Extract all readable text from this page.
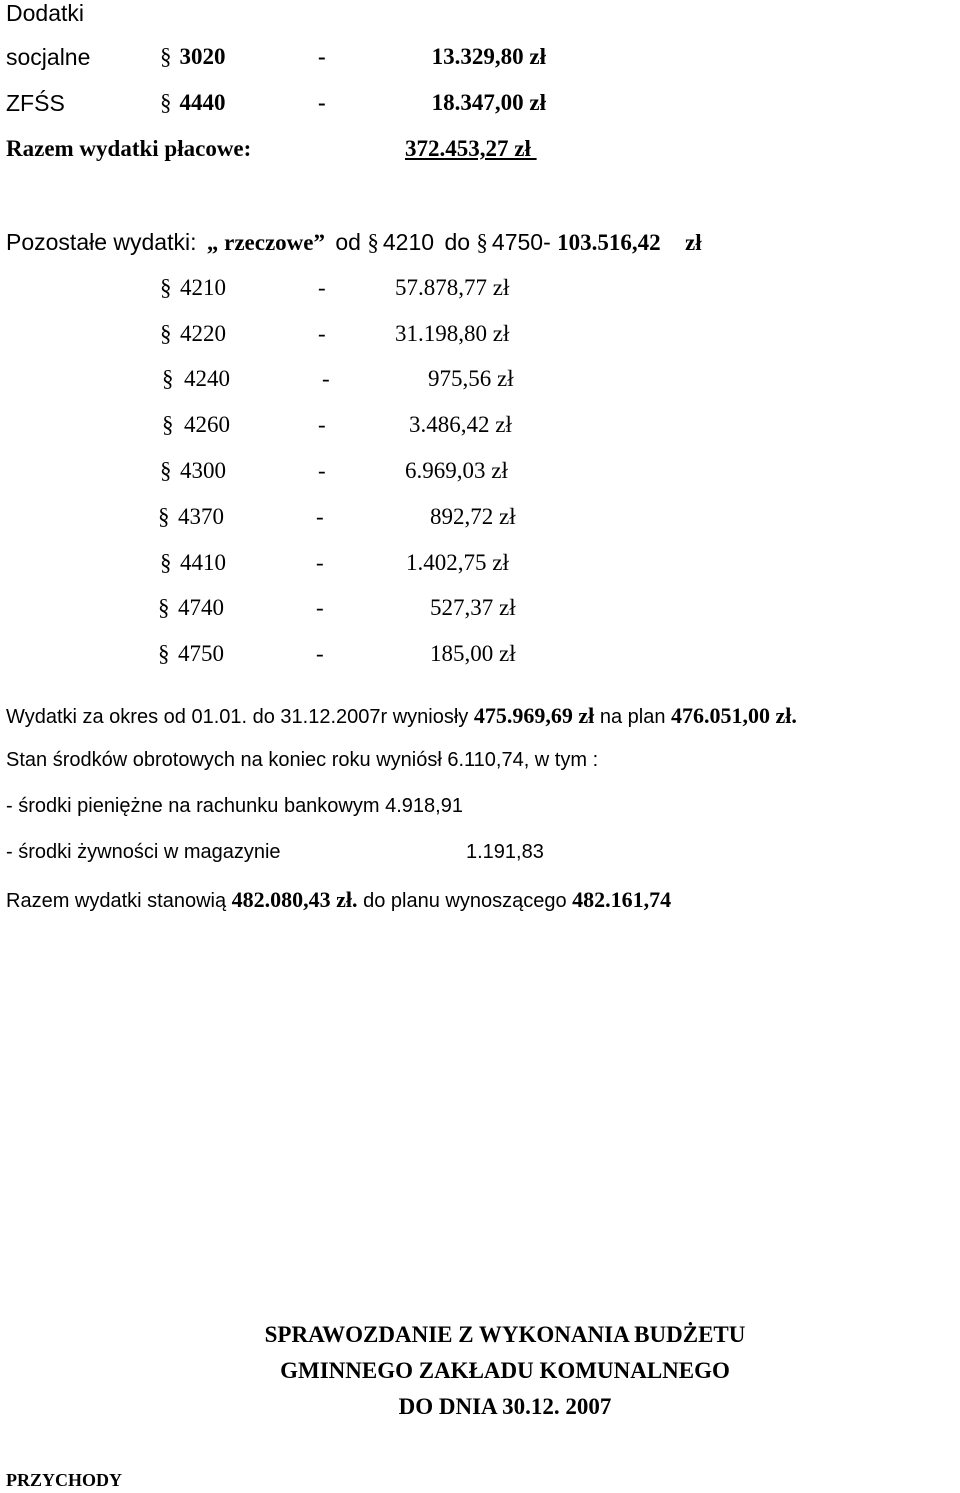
Dodatki
socjalne	§ 3020	-	13.329,80 zł
ZFŚS	§ 4440	-	18.347,00 zł
Razem wydatki płacowe:	372.453,27 zł
Pozostałe wydatki: „ rzeczowe” od § 4210 do § 4750- 103.516,42 zł
§ 4210	-	57.878,77 zł
§ 4220	-	31.198,80 zł
§ 4240	-	975,56 zł
§ 4260	-	3.486,42 zł
§ 4300	-	6.969,03 zł
§ 4370	-	892,72 zł
§ 4410	-	1.402,75 zł
§ 4740	-	527,37 zł
§ 4750	-	185,00 zł
Wydatki za okres od 01.01. do 31.12.2007r wyniosły 475.969,69 zł na plan 476.051,00 zł.
Stan środków obrotowych na koniec roku wyniósł 6.110,74, w tym :
- środki pieniężne na rachunku bankowym 4.918,91
- środki żywności w magazynie	1.191,83
Razem wydatki stanowią 482.080,43 zł. do planu wynoszącego 482.161,74
SPRAWOZDANIE Z WYKONANIA BUDŻETU
GMINNEGO ZAKŁADU KOMUNALNEGO
DO DNIA 30.12. 2007
PRZYCHODY
